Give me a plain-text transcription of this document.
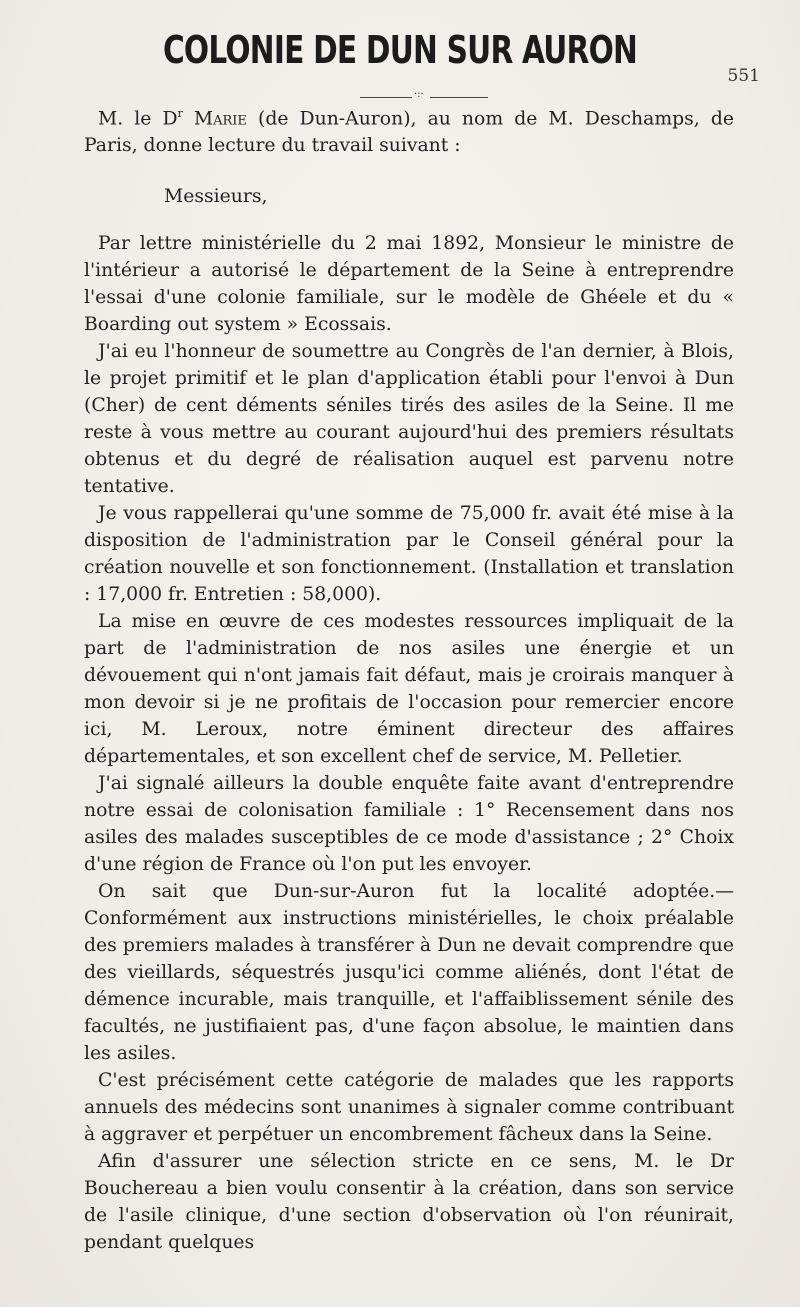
COLONIE DE DUN SUR AURON
551
·:·

M. le $D^r$ Marie (de Dun-Auron), au nom de M. Deschamps, de Paris, donne lecture du travail suivant :

Messieurs,

Par lettre ministérielle du 2 mai 1892, Monsieur le ministre de l'intérieur a autorisé le département de la Seine à entreprendre l'essai d'une colonie familiale, sur le modèle de Ghéele et du « Boarding out system » Ecossais.

J'ai eu l'honneur de soumettre au Congrès de l'an dernier, à Blois, le projet primitif et le plan d'application établi pour l'envoi à Dun (Cher) de cent déments séniles tirés des asiles de la Seine. Il me reste à vous mettre au courant aujourd'hui des premiers résultats obtenus et du degré de réalisation auquel est parvenu notre tentative.

Je vous rappellerai qu'une somme de 75,000 fr. avait été mise à la disposition de l'administration par le Conseil général pour la création nouvelle et son fonctionnement. (Installation et translation : 17,000 fr. Entretien : 58,000).

La mise en œuvre de ces modestes ressources impliquait de la part de l'administration de nos asiles une énergie et un dévouement qui n'ont jamais fait défaut, mais je croirais manquer à mon devoir si je ne profitais de l'occasion pour remercier encore ici, M. Leroux, notre éminent directeur des affaires départementales, et son excellent chef de service, M. Pelletier.

J'ai signalé ailleurs la double enquête faite avant d'entreprendre notre essai de colonisation familiale : 1° Recensement dans nos asiles des malades susceptibles de ce mode d'assistance ; 2° Choix d'une région de France où l'on put les envoyer.

On sait que Dun-sur-Auron fut la localité adoptée.— Conformément aux instructions ministérielles, le choix préalable des premiers malades à transférer à Dun ne devait comprendre que des vieillards, séquestrés jusqu'ici comme aliénés, dont l'état de démence incurable, mais tranquille, et l'affaiblissement sénile des facultés, ne justifiaient pas, d'une façon absolue, le maintien dans les asiles.

C'est précisément cette catégorie de malades que les rapports annuels des médecins sont unanimes à signaler comme contribuant à aggraver et perpétuer un encombrement fâcheux dans la Seine.

Afin d'assurer une sélection stricte en ce sens, M. le Dr Bouchereau a bien voulu consentir à la création, dans son service de l'asile clinique, d'une section d'observation où l'on réunirait, pendant quelques
